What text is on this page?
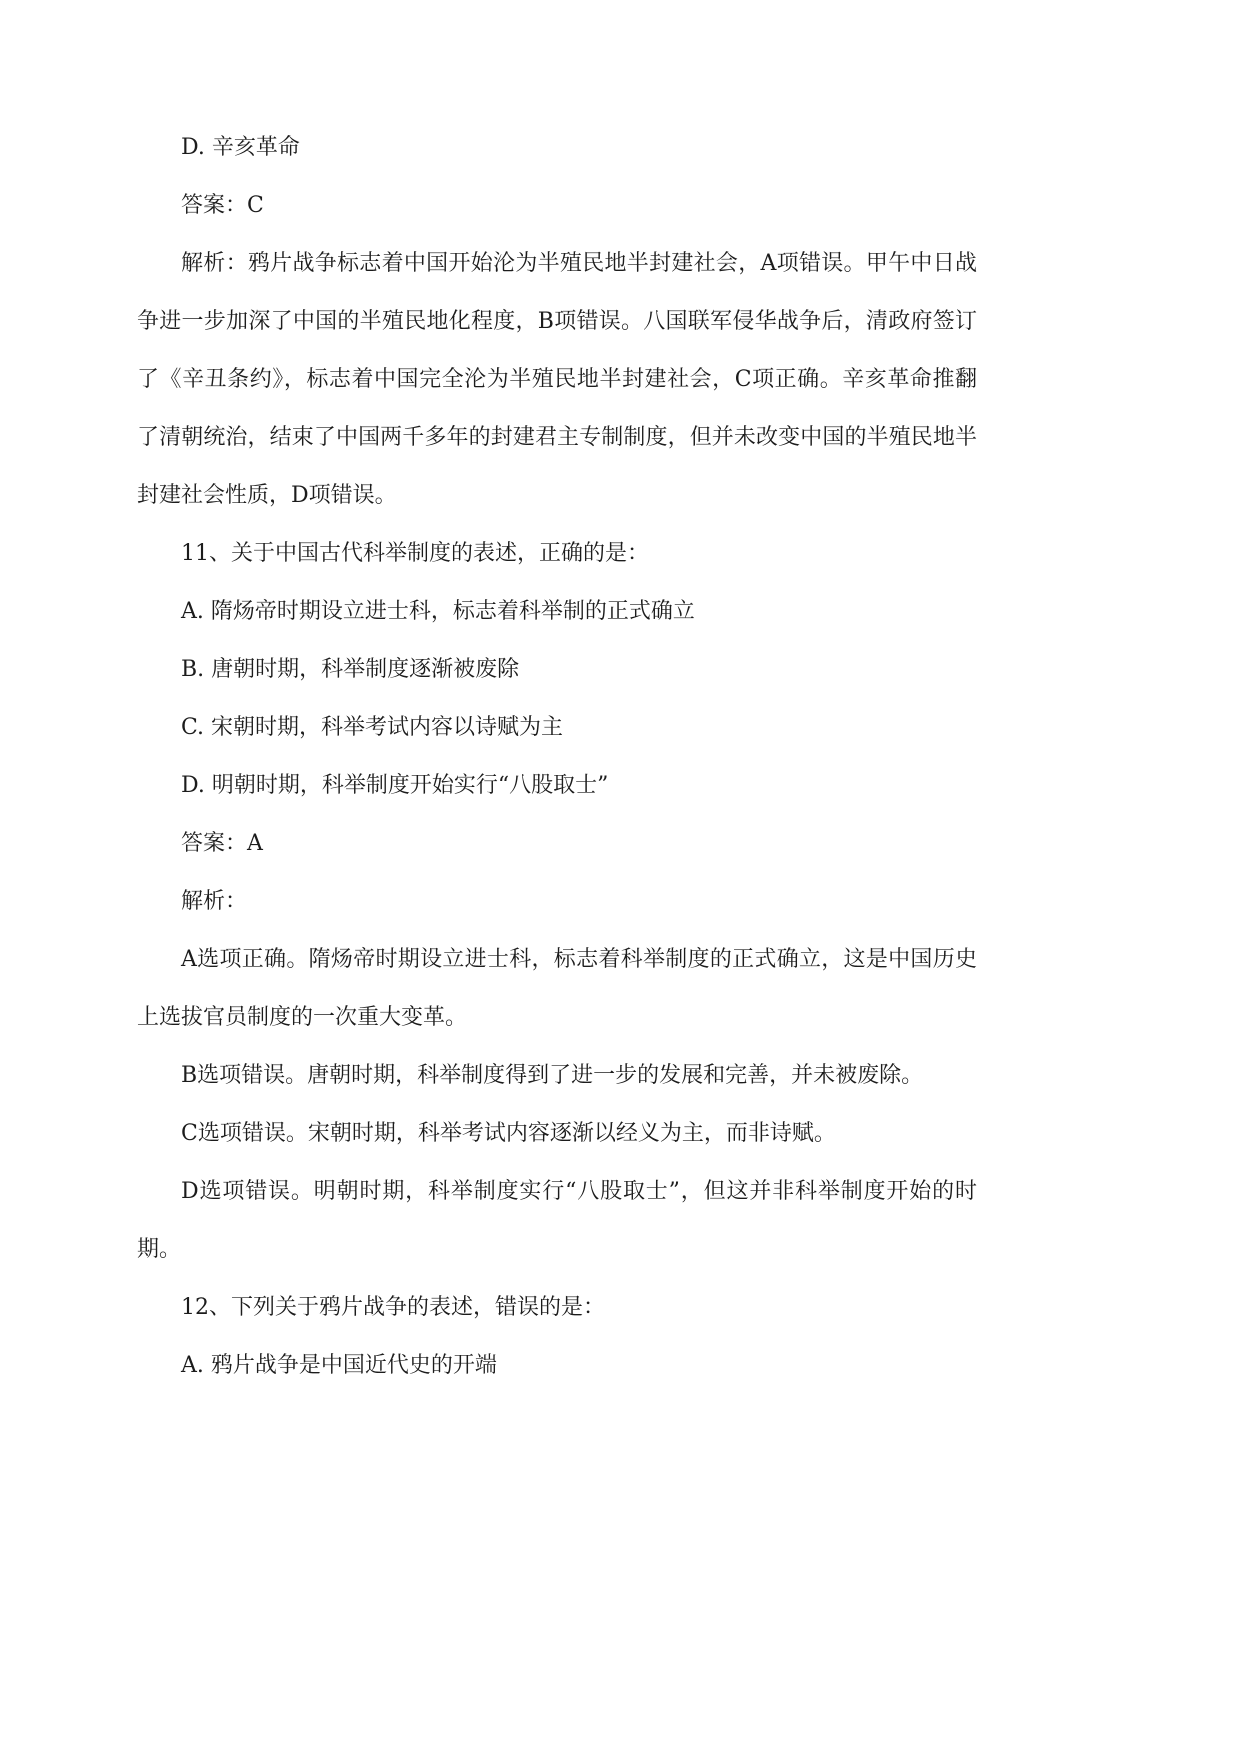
D. 辛亥革命
答案：C
解析：鸦片战争标志着中国开始沦为半殖民地半封建社会，A项错误。甲午中日战
争进一步加深了中国的半殖民地化程度，B项错误。八国联军侵华战争后，清政府签订
了《辛丑条约》，标志着中国完全沦为半殖民地半封建社会，C项正确。辛亥革命推翻
了清朝统治，结束了中国两千多年的封建君主专制制度，但并未改变中国的半殖民地半
封建社会性质，D项错误。
11、关于中国古代科举制度的表述，正确的是：
A. 隋炀帝时期设立进士科，标志着科举制的正式确立
B. 唐朝时期，科举制度逐渐被废除
C. 宋朝时期，科举考试内容以诗赋为主
D. 明朝时期，科举制度开始实行“八股取士”
答案：A
解析：
A选项正确。隋炀帝时期设立进士科，标志着科举制度的正式确立，这是中国历史
上选拔官员制度的一次重大变革。
B选项错误。唐朝时期，科举制度得到了进一步的发展和完善，并未被废除。
C选项错误。宋朝时期，科举考试内容逐渐以经义为主，而非诗赋。
D选项错误。明朝时期，科举制度实行“八股取士”，但这并非科举制度开始的时
期。
12、下列关于鸦片战争的表述，错误的是：
A. 鸦片战争是中国近代史的开端
